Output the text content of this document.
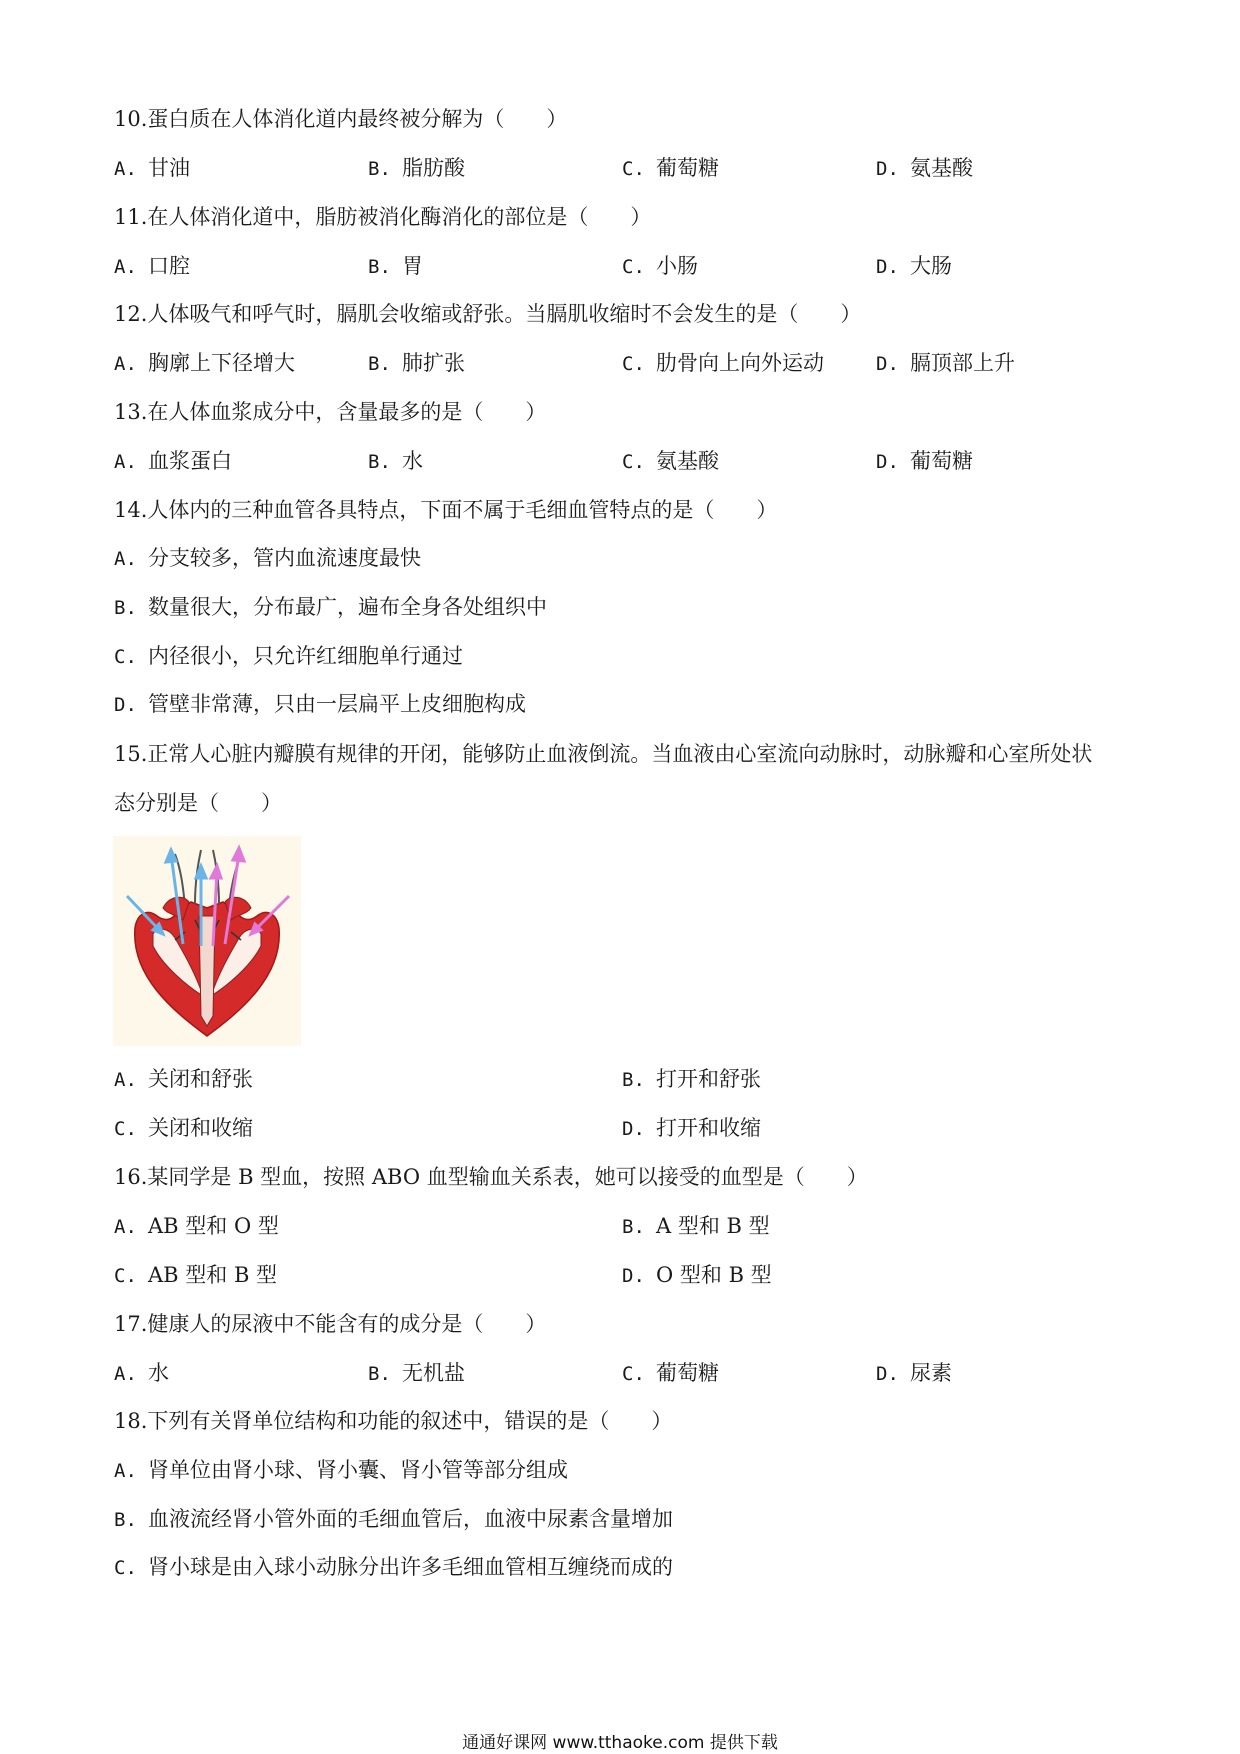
10.蛋白质在人体消化道内最终被分解为（　　）
A. 甘油	B. 脂肪酸	C. 葡萄糖	D. 氨基酸
11.在人体消化道中，脂肪被消化酶消化的部位是（　　）
A. 口腔	B. 胃	C. 小肠	D. 大肠
12.人体吸气和呼气时，膈肌会收缩或舒张。当膈肌收缩时不会发生的是（　　）
A. 胸廓上下径增大	B. 肺扩张	C. 肋骨向上向外运动	D. 膈顶部上升
13.在人体血浆成分中，含量最多的是（　　）
A. 血浆蛋白	B. 水	C. 氨基酸	D. 葡萄糖
14.人体内的三种血管各具特点，下面不属于毛细血管特点的是（　　）
A. 分支较多，管内血流速度最快
B. 数量很大，分布最广，遍布全身各处组织中
C. 内径很小，只允许红细胞单行通过
D. 管壁非常薄，只由一层扁平上皮细胞构成
15.正常人心脏内瓣膜有规律的开闭，能够防止血液倒流。当血液由心室流向动脉时，动脉瓣和心室所处状
态分别是（　　）
A. 关闭和舒张	B. 打开和舒张
C. 关闭和收缩	D. 打开和收缩
16.某同学是 B 型血，按照 ABO 血型输血关系表，她可以接受的血型是（　　）
A. AB 型和 O 型	B. A 型和 B 型
C. AB 型和 B 型	D. O 型和 B 型
17.健康人的尿液中不能含有的成分是（　　）
A. 水	B. 无机盐	C. 葡萄糖	D. 尿素
18.下列有关肾单位结构和功能的叙述中，错误的是（　　）
A. 肾单位由肾小球、肾小囊、肾小管等部分组成
B. 血液流经肾小管外面的毛细血管后，血液中尿素含量增加
C. 肾小球是由入球小动脉分出许多毛细血管相互缠绕而成的
通通好课网 www.tthaoke.com 提供下载
